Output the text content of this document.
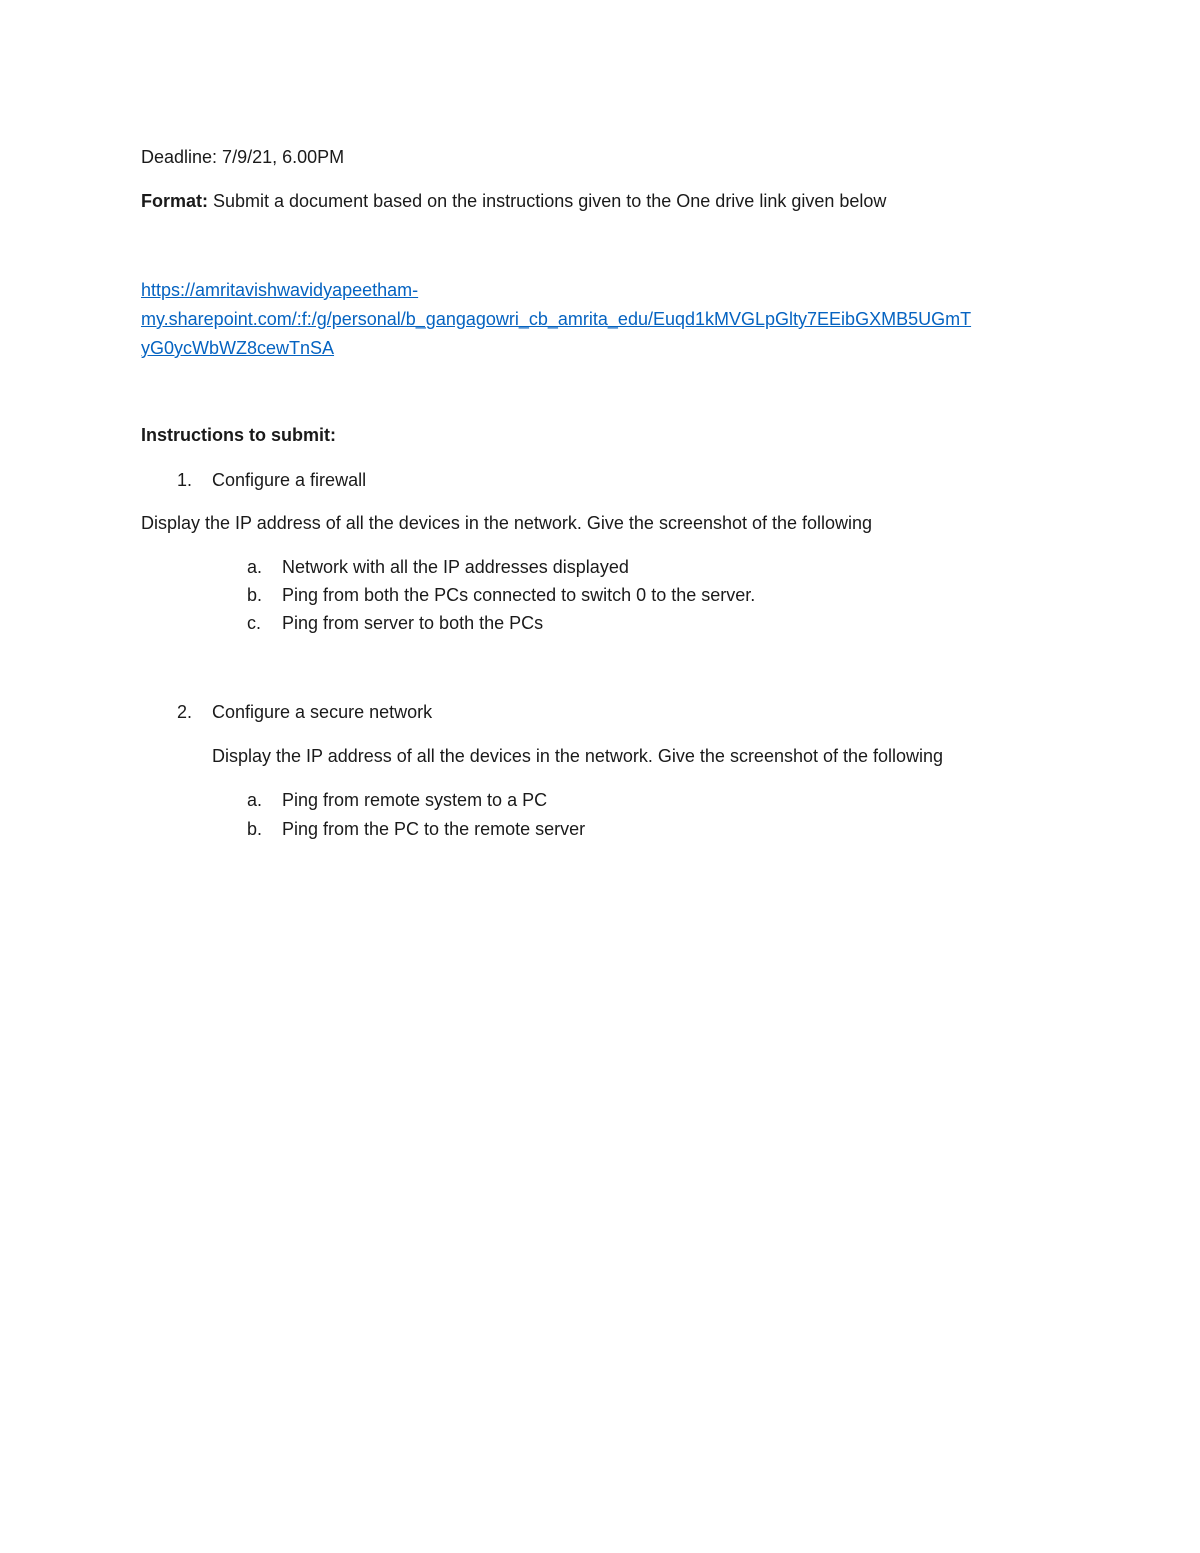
Deadline: 7/9/21, 6.00PM
Format: Submit a document based on the instructions given to the One drive link given below
https://amritavishwavidyapeetham-
my.sharepoint.com/:f:/g/personal/b_gangagowri_cb_amrita_edu/Euqd1kMVGLpGlty7EEibGXMB5UGmT
yG0ycWbWZ8cewTnSA
Instructions to submit:
1. Configure a firewall
Display the IP address of all the devices in the network. Give the screenshot of the following
a. Network with all the IP addresses displayed
b. Ping from both the PCs connected to switch 0 to the server.
c. Ping from server to both the PCs
2. Configure a secure network
Display the IP address of all the devices in the network. Give the screenshot of the following
a. Ping from remote system to a PC
b. Ping from the PC to the remote server
